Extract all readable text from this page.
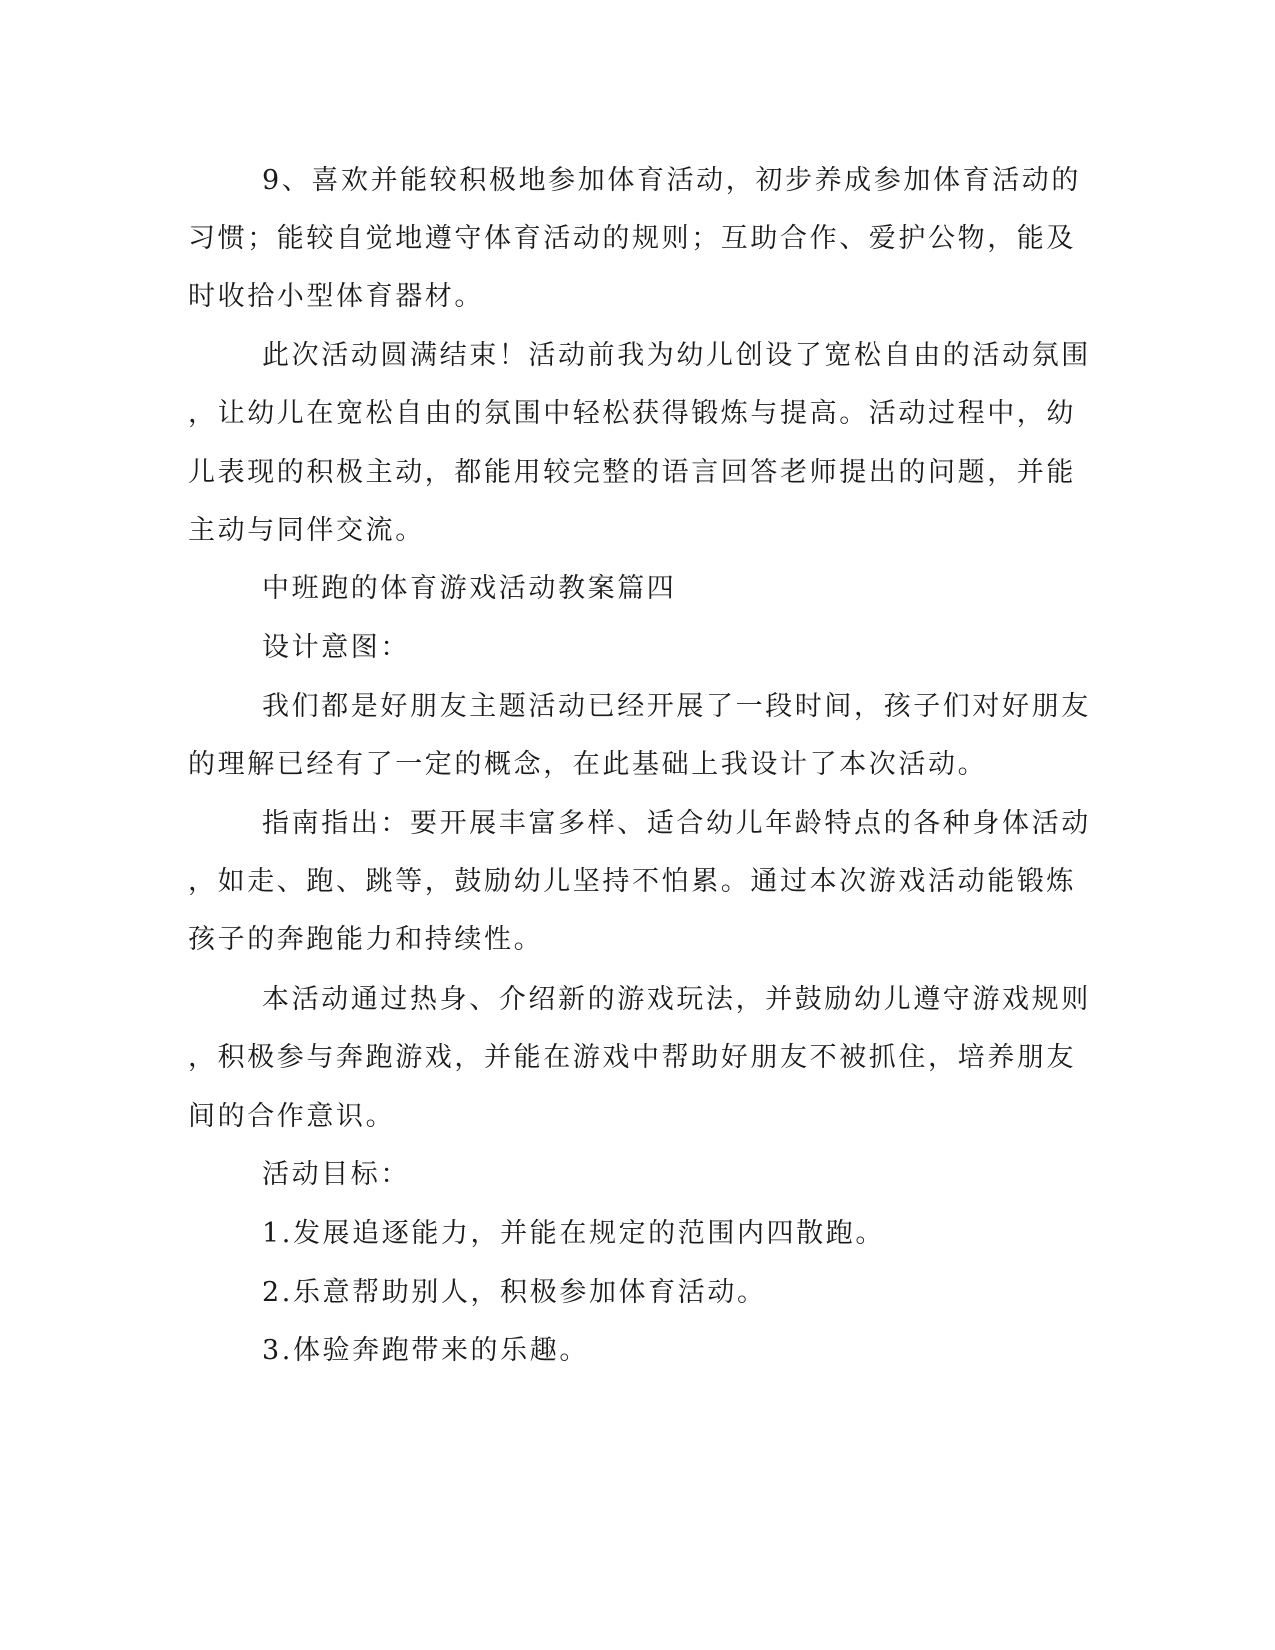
9、喜欢并能较积极地参加体育活动，初步养成参加体育活动的
习惯；能较自觉地遵守体育活动的规则；互助合作、爱护公物，能及
时收拾小型体育器材。
此次活动圆满结束！活动前我为幼儿创设了宽松自由的活动氛围
，让幼儿在宽松自由的氛围中轻松获得锻炼与提高。活动过程中，幼
儿表现的积极主动，都能用较完整的语言回答老师提出的问题，并能
主动与同伴交流。
中班跑的体育游戏活动教案篇四
设计意图：
我们都是好朋友主题活动已经开展了一段时间，孩子们对好朋友
的理解已经有了一定的概念，在此基础上我设计了本次活动。
指南指出：要开展丰富多样、适合幼儿年龄特点的各种身体活动
，如走、跑、跳等，鼓励幼儿坚持不怕累。通过本次游戏活动能锻炼
孩子的奔跑能力和持续性。
本活动通过热身、介绍新的游戏玩法，并鼓励幼儿遵守游戏规则
，积极参与奔跑游戏，并能在游戏中帮助好朋友不被抓住，培养朋友
间的合作意识。
活动目标：
1.发展追逐能力，并能在规定的范围内四散跑。
2.乐意帮助别人，积极参加体育活动。
3.体验奔跑带来的乐趣。
